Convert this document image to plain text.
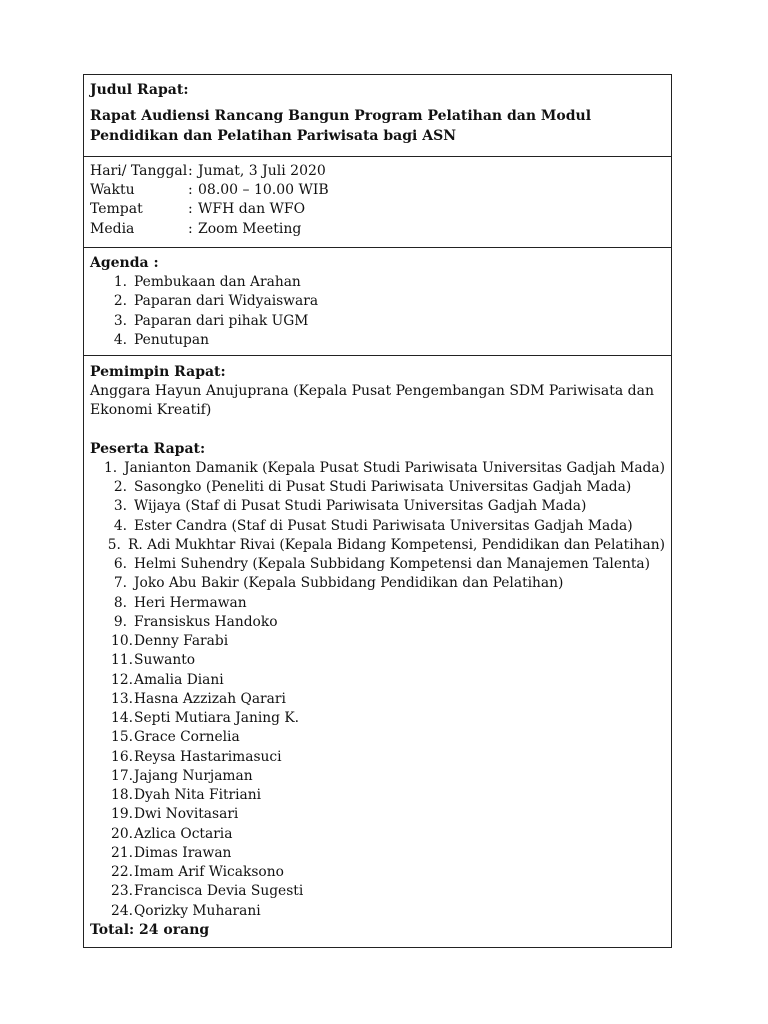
Judul Rapat:
Rapat Audiensi Rancang Bangun Program Pelatihan dan Modul Pendidikan dan Pelatihan Pariwisata bagi ASN
Hari/ Tanggal : Jumat, 3 Juli 2020
Waktu	: 08.00 – 10.00 WIB
Tempat	: WFH dan WFO
Media	: Zoom Meeting
Agenda :
1. Pembukaan dan Arahan
2. Paparan dari Widyaiswara
3. Paparan dari pihak UGM
4. Penutupan
Pemimpin Rapat:
Anggara Hayun Anujuprana (Kepala Pusat Pengembangan SDM Pariwisata dan
Ekonomi Kreatif)
Peserta Rapat:
1. Janianton Damanik (Kepala Pusat Studi Pariwisata Universitas Gadjah Mada)
2. Sasongko (Peneliti di Pusat Studi Pariwisata Universitas Gadjah Mada)
3. Wijaya (Staf di Pusat Studi Pariwisata Universitas Gadjah Mada)
4. Ester Candra (Staf di Pusat Studi Pariwisata Universitas Gadjah Mada)
5. R. Adi Mukhtar Rivai (Kepala Bidang Kompetensi, Pendidikan dan Pelatihan)
6. Helmi Suhendry (Kepala Subbidang Kompetensi dan Manajemen Talenta)
7. Joko Abu Bakir (Kepala Subbidang Pendidikan dan Pelatihan)
8. Heri Hermawan
9. Fransiskus Handoko
10. Denny Farabi
11. Suwanto
12. Amalia Diani
13. Hasna Azzizah Qarari
14. Septi Mutiara Janing K.
15. Grace Cornelia
16. Reysa Hastarimasuci
17. Jajang Nurjaman
18. Dyah Nita Fitriani
19. Dwi Novitasari
20. Azlica Octaria
21. Dimas Irawan
22. Imam Arif Wicaksono
23. Francisca Devia Sugesti
24. Qorizky Muharani
Total: 24 orang
